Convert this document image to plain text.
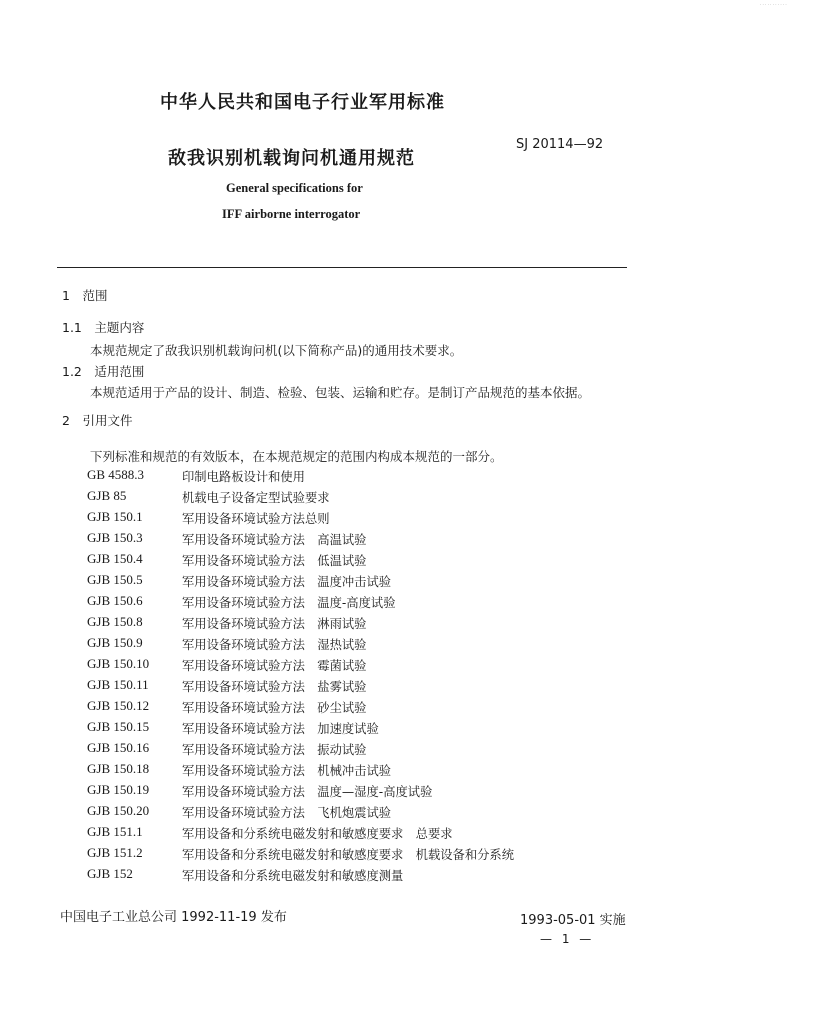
· · · · · · · · · · ·
中华人民共和国电子行业军用标准
敌我识别机载询问机通用规范
SJ 20114—92
General specifications for
IFF airborne interrogator
1　范围
1.1　主题内容
本规范规定了敌我识别机载询问机(以下简称产品)的通用技术要求。
1.2　适用范围
本规范适用于产品的设计、制造、检验、包装、运输和贮存。是制订产品规范的基本依据。
2　引用文件
下列标准和规范的有效版本，在本规范规定的范围内构成本规范的一部分。
GB 4588.3	印制电路板设计和使用
GJB 85	机载电子设备定型试验要求
GJB 150.1	军用设备环境试验方法总则
GJB 150.3	军用设备环境试验方法　高温试验
GJB 150.4	军用设备环境试验方法　低温试验
GJB 150.5	军用设备环境试验方法　温度冲击试验
GJB 150.6	军用设备环境试验方法　温度-高度试验
GJB 150.8	军用设备环境试验方法　淋雨试验
GJB 150.9	军用设备环境试验方法　湿热试验
GJB 150.10	军用设备环境试验方法　霉菌试验
GJB 150.11	军用设备环境试验方法　盐雾试验
GJB 150.12	军用设备环境试验方法　砂尘试验
GJB 150.15	军用设备环境试验方法　加速度试验
GJB 150.16	军用设备环境试验方法　振动试验
GJB 150.18	军用设备环境试验方法　机械冲击试验
GJB 150.19	军用设备环境试验方法　温度—湿度-高度试验
GJB 150.20	军用设备环境试验方法　飞机炮震试验
GJB 151.1	军用设备和分系统电磁发射和敏感度要求　总要求
GJB 151.2	军用设备和分系统电磁发射和敏感度要求　机载设备和分系统
GJB 152	军用设备和分系统电磁发射和敏感度测量
中国电子工业总公司 1992-11-19 发布	1993-05-01 实施
— 1 —
